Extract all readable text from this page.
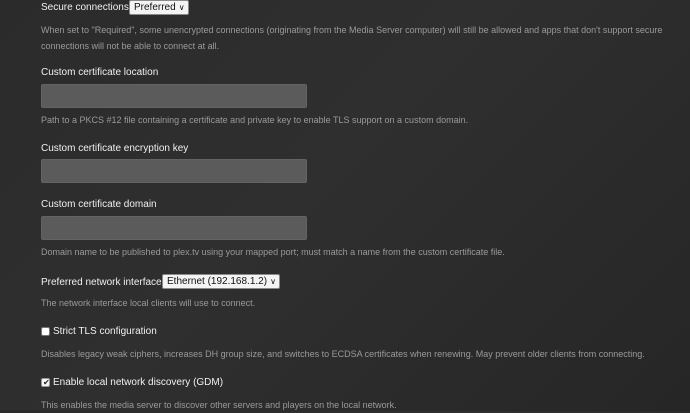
Secure connections Preferred ∨
When set to "Required", some unencrypted connections (originating from the Media Server computer) will still be allowed and apps that don't support secure connections will not be able to connect at all.
Custom certificate location
Path to a PKCS #12 file containing a certificate and private key to enable TLS support on a custom domain.
Custom certificate encryption key
Custom certificate domain
Domain name to be published to plex.tv using your mapped port; must match a name from the custom certificate file.
Preferred network interface Ethernet (192.168.1.2) ∨
The network interface local clients will use to connect.
Strict TLS configuration
Disables legacy weak ciphers, increases DH group size, and switches to ECDSA certificates when renewing. May prevent older clients from connecting.
✔ Enable local network discovery (GDM)
This enables the media server to discover other servers and players on the local network.
